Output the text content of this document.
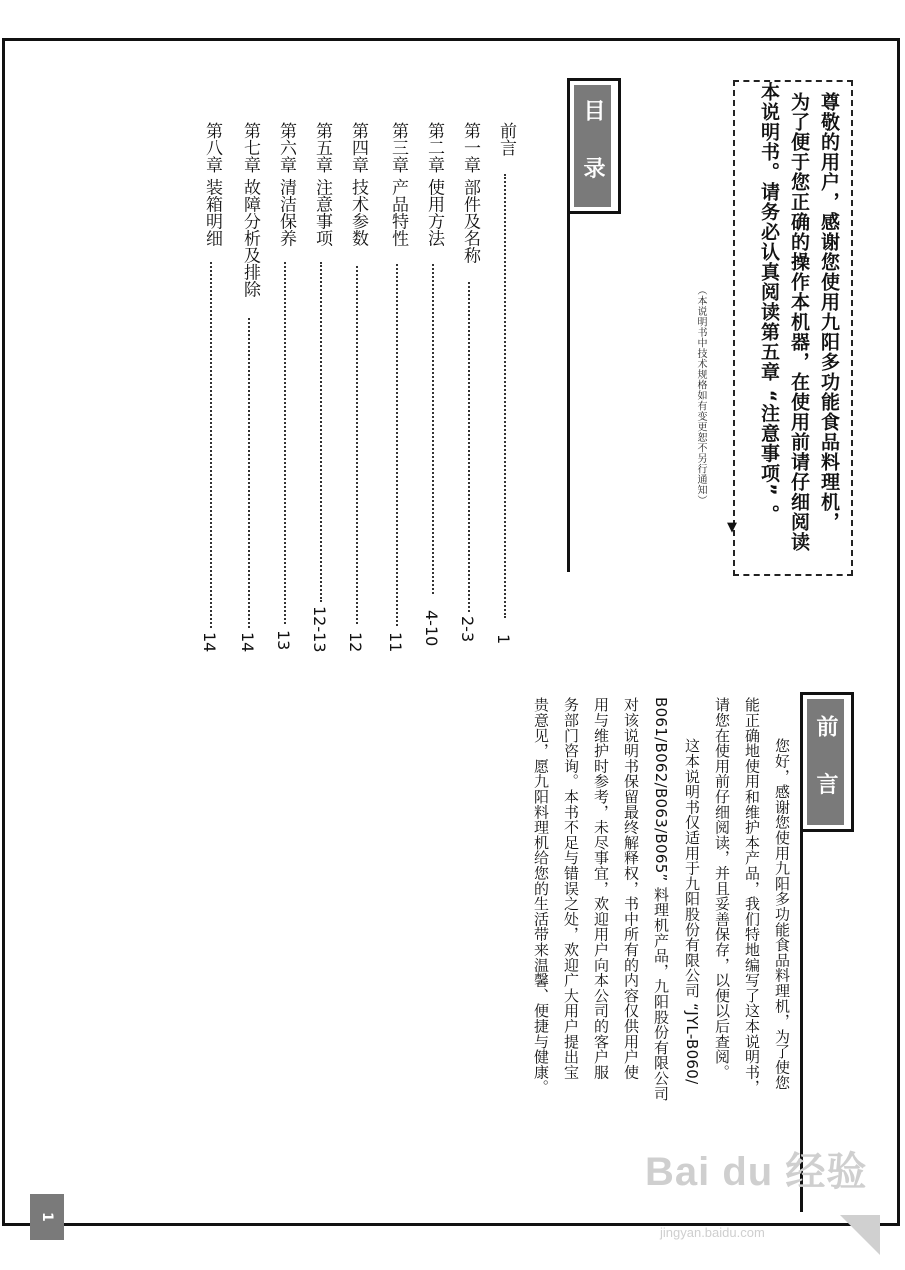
尊敬的用户，感谢您使用九阳多功能食品料理机，
为了便于您正确的操作本机器，在使用前请仔细阅读
本说明书。请务必认真阅读第五章 “注意事项” 。
▼
（本说明书中技术规格如有变更恕不另行通知）
目 录
前言
1
第一章 部件及名称
2-3
第二章 使用方法
4-10
第三章 产品特性
11
第四章 技术参数
12
第五章 注意事项
12-13
第六章 清洁保养
13
第七章 故障分析及排除
14
第八章 装箱明细
14
前 言
您好，感谢您使用九阳多功能食品料理机，为了使您
能正确地使用和维护本产品，我们特地编写了这本说明书，
请您在使用前仔细阅读，并且妥善保存，以便以后查阅。
这本说明书仅适用于九阳股份有限公司 “JYL-B060/
B061/B062/B063/B065” 料理机产品，九阳股份有限公司
对该说明书保留最终解释权，书中所有的内容仅供用户使
用与维护时参考，未尽事宜，欢迎用户向本公司的客户服
务部门咨询。本书不足与错误之处，欢迎广大用户提出宝
贵意见，愿九阳料理机给您的生活带来温馨、便捷与健康。
1
Bai du 经验
jingyan.baidu.com
